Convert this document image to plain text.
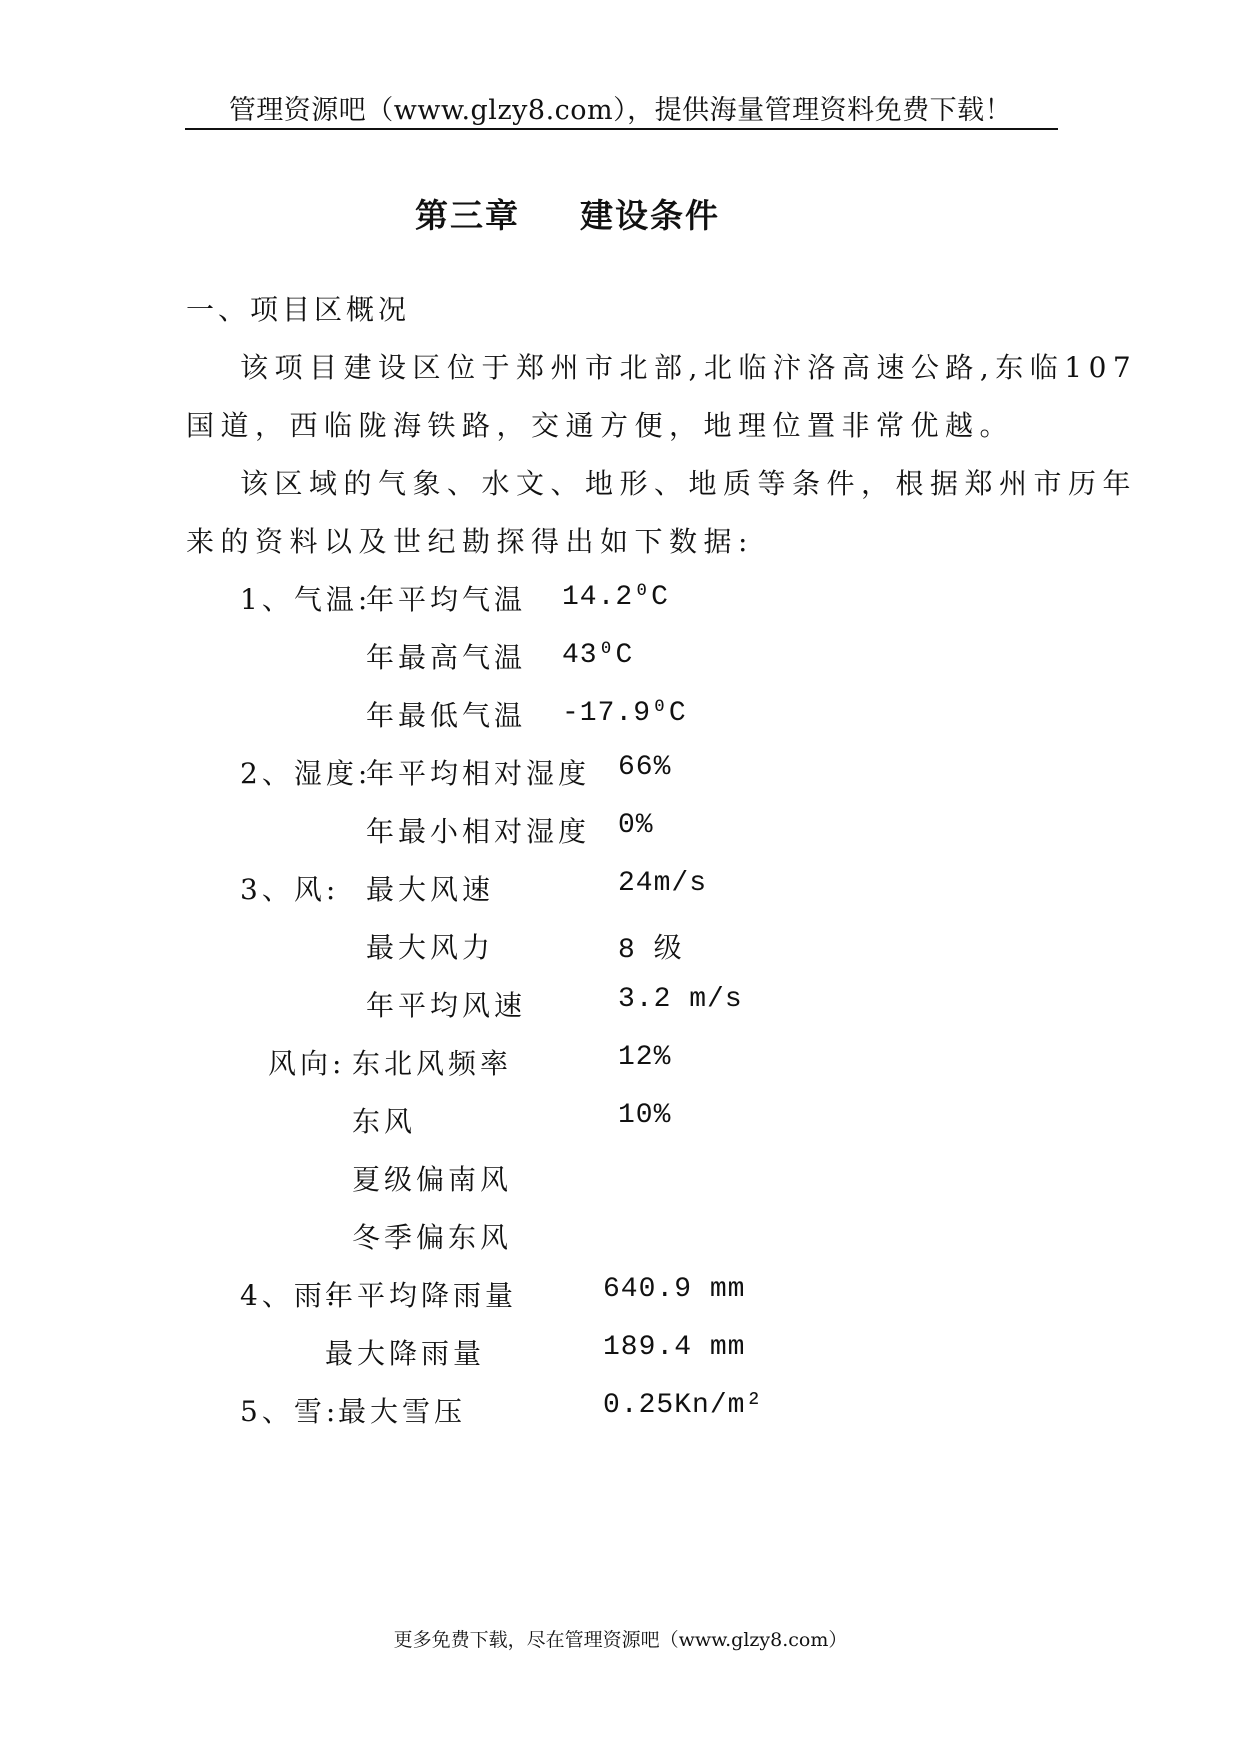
管理资源吧（www.glzy8.com），提供海量管理资料免费下载！
第三章 建设条件
一、项目区概况
该项目建设区位于郑州市北部,北临汴洛高速公路,东临107
国道，西临陇海铁路，交通方便，地理位置非常优越。
该区域的气象、水文、地形、地质等条件，根据郑州市历年
来的资料以及世纪勘探得出如下数据:
1、气温:
年平均气温 14.2⁰C
年最高气温 43⁰C
年最低气温 -17.9⁰C
2、湿度:
年平均相对湿度 66%
年最小相对湿度 0%
3、风: 最大风速	24m/s
最大风力	8 级
年平均风速	3.2 m/s
风向: 东北风频率	12%
东风	10%
夏级偏南风
冬季偏东风
4、雨:
年平均降雨量	640.9 mm
最大降雨量	189.4 mm
5、雪:
最大雪压	0.25Kn/m²
更多免费下载，尽在管理资源吧（www.glzy8.com）
